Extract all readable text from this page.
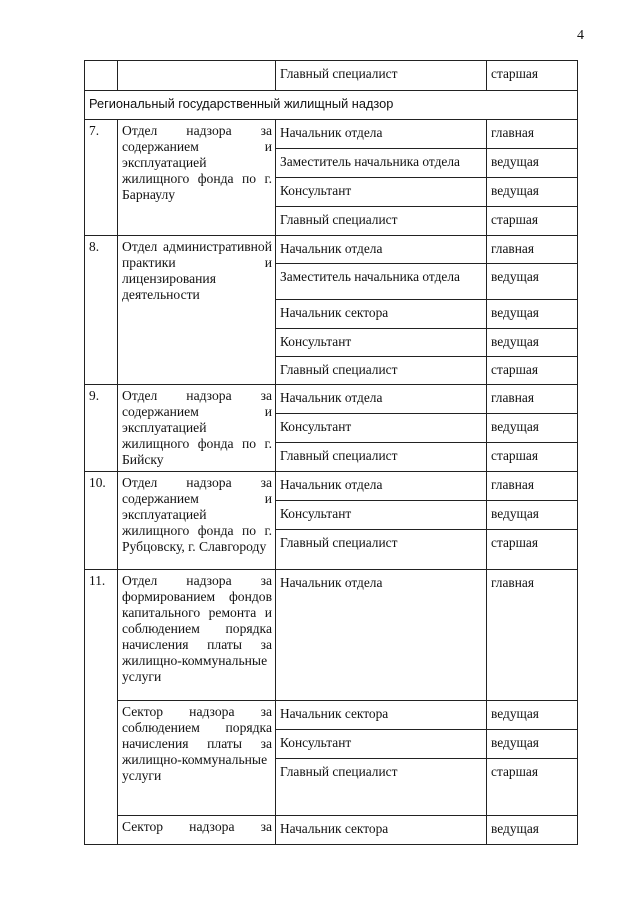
4

		Главный специалист	старшая

Региональный государственный жилищный надзор			

7.	Отдел надзора за содержанием и эксплуатацией жилищного фонда по г. Барнаулу	Начальник отдела	главная

		Заместитель начальника отдела	ведущая

		Консультант	ведущая

		Главный специалист	старшая

8.	Отдел административной практики и лицензирования деятельности	Начальник отдела	главная

		Заместитель начальника отдела	ведущая

		Начальник сектора	ведущая

		Консультант	ведущая

		Главный специалист	старшая

9.	Отдел надзора за содержанием и эксплуатацией жилищного фонда по г. Бийску	Начальник отдела	главная

		Консультант	ведущая

		Главный специалист	старшая

10.	Отдел надзора за содержанием и эксплуатацией жилищного фонда по г. Рубцовску, г. Славгороду	Начальник отдела	главная

		Консультант	ведущая

		Главный специалист	старшая

11.	Отдел надзора за формированием фондов капитального ремонта и соблюдением порядка начисления платы за жилищно-коммунальные услуги	Начальник отдела	главная

	Сектор надзора за соблюдением порядка начисления платы за жилищно-коммунальные услуги	Начальник сектора	ведущая

		Консультант	ведущая

		Главный специалист	старшая

	Сектор надзора за	Начальник сектора	ведущая
